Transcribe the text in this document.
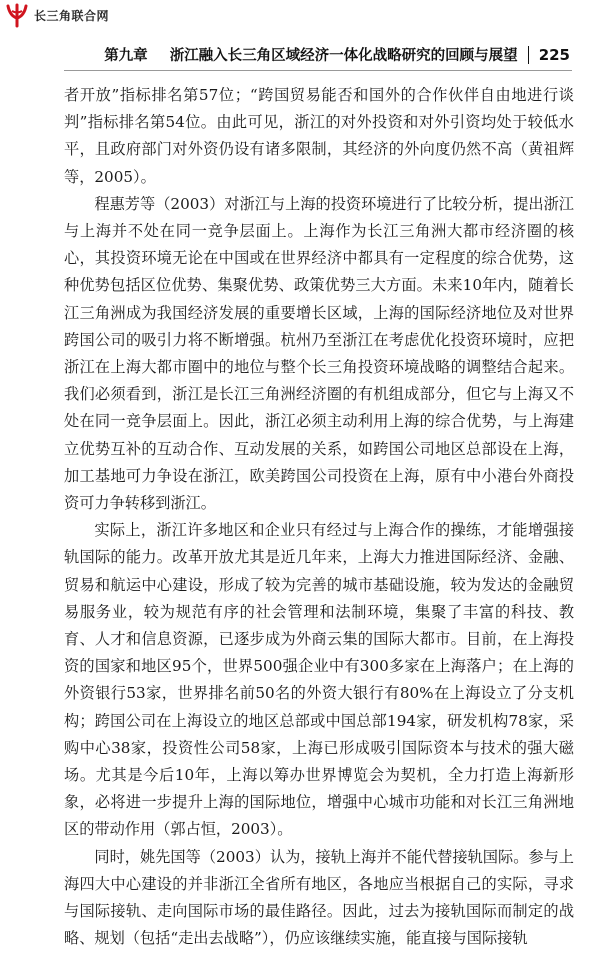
长三角联合网
第九章 浙江融入长三角区域经济一体化战略研究的回顾与展望 225

者开放”指标排名第57位；“跨国贸易能否和国外的合作伙伴自由地进行谈判”指标排名第54位。由此可见，浙江的对外投资和对外引资均处于较低水平，且政府部门对外资仍设有诸多限制，其经济的外向度仍然不高（黄祖辉等，2005）。

程惠芳等（2003）对浙江与上海的投资环境进行了比较分析，提出浙江与上海并不处在同一竞争层面上。上海作为长江三角洲大都市经济圈的核心，其投资环境无论在中国或在世界经济中都具有一定程度的综合优势，这种优势包括区位优势、集聚优势、政策优势三大方面。未来10年内，随着长江三角洲成为我国经济发展的重要增长区域，上海的国际经济地位及对世界跨国公司的吸引力将不断增强。杭州乃至浙江在考虑优化投资环境时，应把浙江在上海大都市圈中的地位与整个长三角投资环境战略的调整结合起来。我们必须看到，浙江是长江三角洲经济圈的有机组成部分，但它与上海又不处在同一竞争层面上。因此，浙江必须主动利用上海的综合优势，与上海建立优势互补的互动合作、互动发展的关系，如跨国公司地区总部设在上海，加工基地可力争设在浙江，欧美跨国公司投资在上海，原有中小港台外商投资可力争转移到浙江。

实际上，浙江许多地区和企业只有经过与上海合作的操练，才能增强接轨国际的能力。改革开放尤其是近几年来，上海大力推进国际经济、金融、贸易和航运中心建设，形成了较为完善的城市基础设施，较为发达的金融贸易服务业，较为规范有序的社会管理和法制环境，集聚了丰富的科技、教育、人才和信息资源，已逐步成为外商云集的国际大都市。目前，在上海投资的国家和地区95个，世界500强企业中有300多家在上海落户；在上海的外资银行53家，世界排名前50名的外资大银行有80%在上海设立了分支机构；跨国公司在上海设立的地区总部或中国总部194家，研发机构78家，采购中心38家，投资性公司58家，上海已形成吸引国际资本与技术的强大磁场。尤其是今后10年，上海以筹办世界博览会为契机，全力打造上海新形象，必将进一步提升上海的国际地位，增强中心城市功能和对长江三角洲地区的带动作用（郭占恒，2003）。

同时，姚先国等（2003）认为，接轨上海并不能代替接轨国际。参与上海四大中心建设的并非浙江全省所有地区，各地应当根据自己的实际，寻求与国际接轨、走向国际市场的最佳路径。因此，过去为接轨国际而制定的战略、规划（包括“走出去战略”），仍应该继续实施，能直接与国际接轨
